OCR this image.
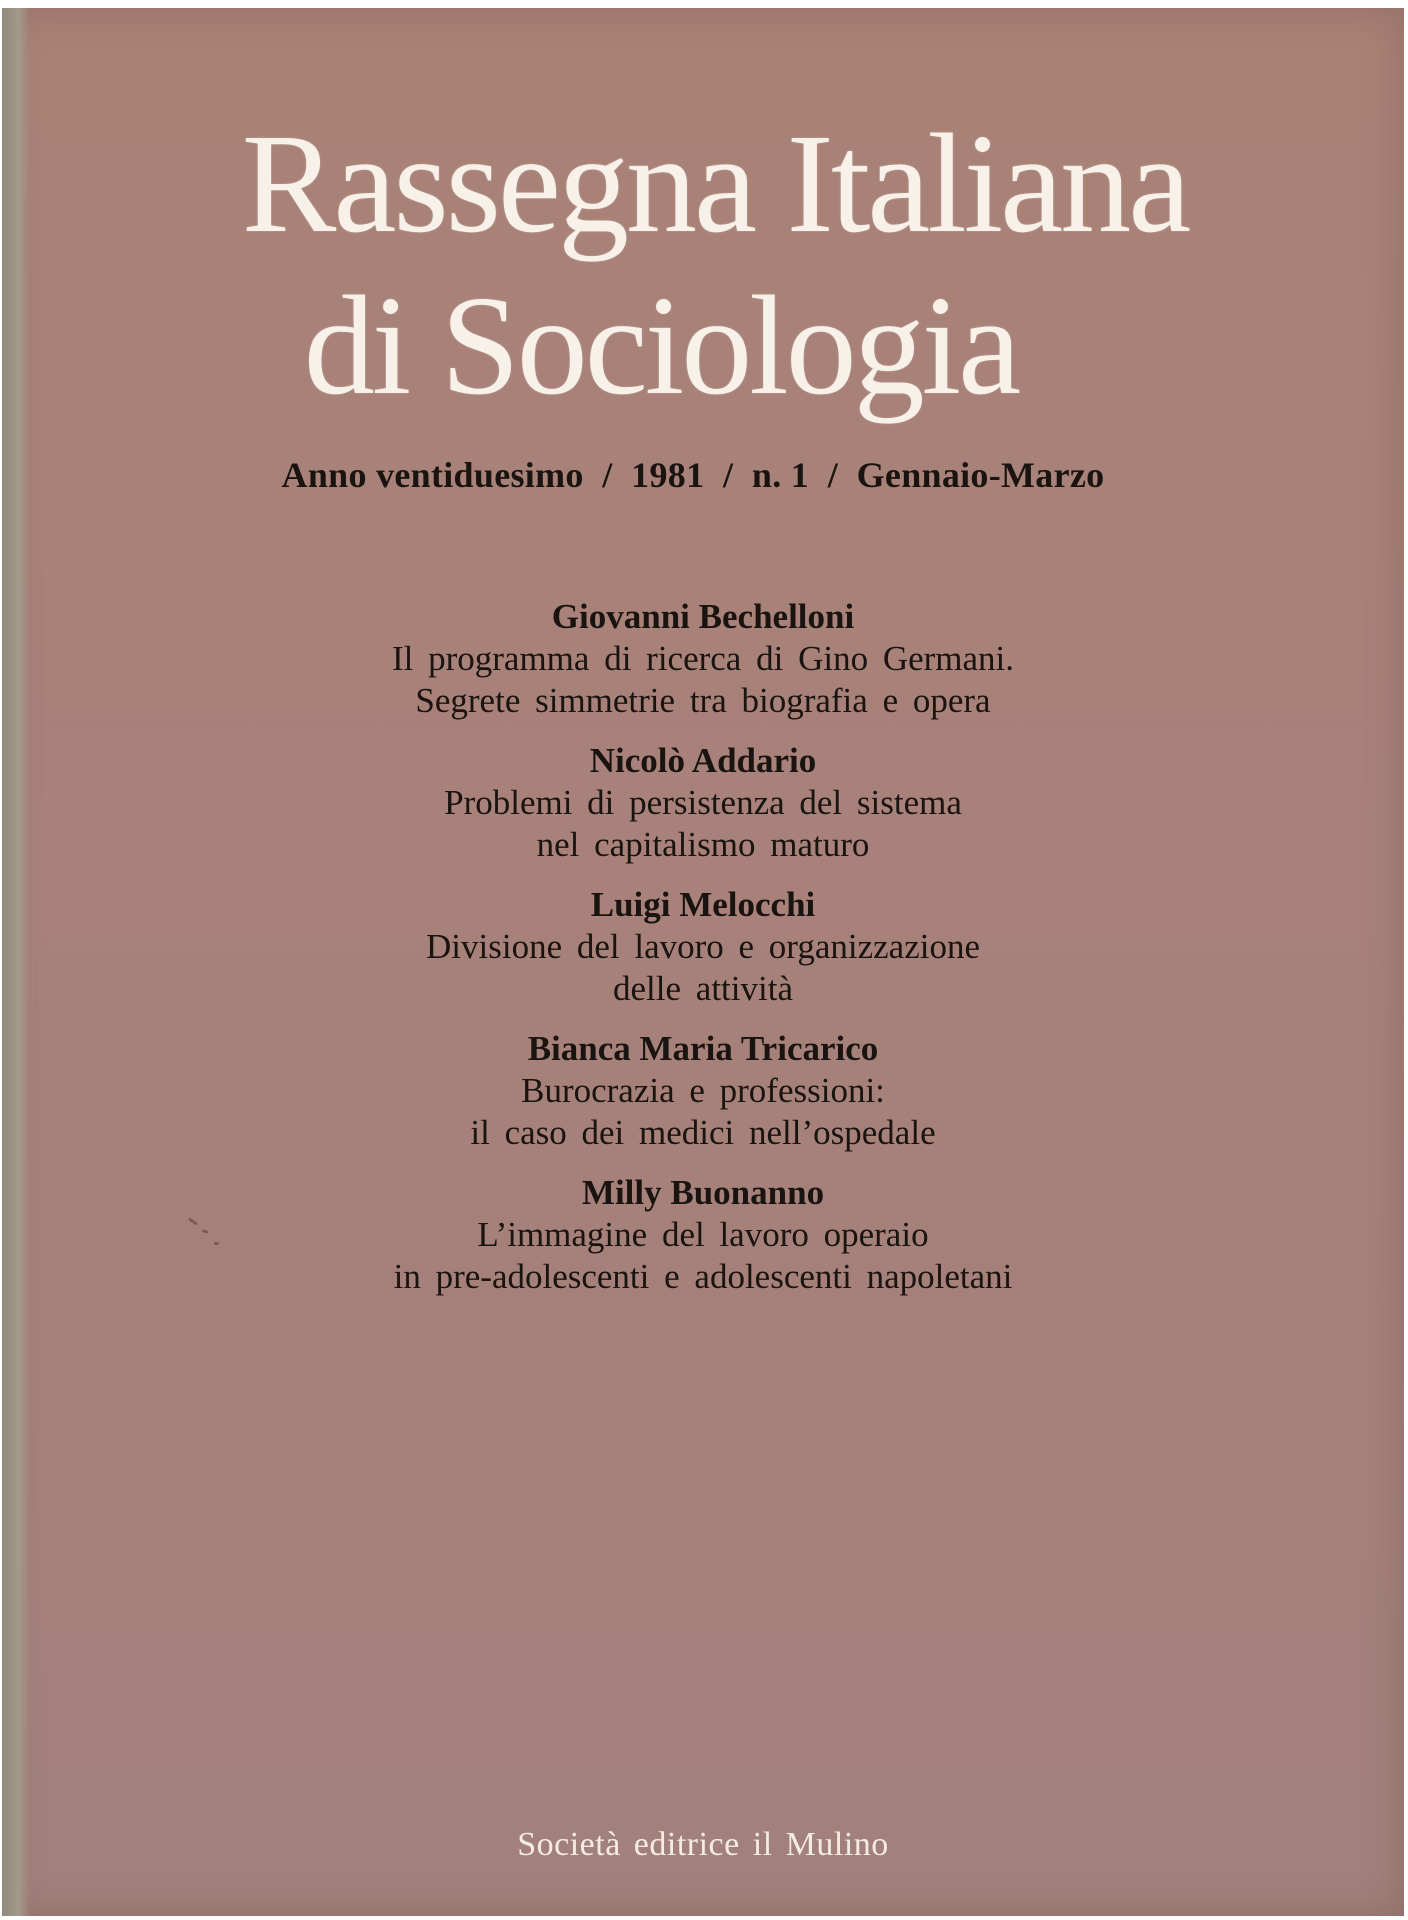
Rassegna Italiana
di Sociologia
Anno ventiduesimo  /  1981  /  n. 1  /  Gennaio-Marzo
Giovanni Bechelloni
Il programma di ricerca di Gino Germani.
Segrete simmetrie tra biografia e opera
Nicolò Addario
Problemi di persistenza del sistema
nel capitalismo maturo
Luigi Melocchi
Divisione del lavoro e organizzazione
delle attività
Bianca Maria Tricarico
Burocrazia e professioni:
il caso dei medici nell’ospedale
Milly Buonanno
L’immagine del lavoro operaio
in pre-adolescenti e adolescenti napoletani
Società editrice il Mulino
